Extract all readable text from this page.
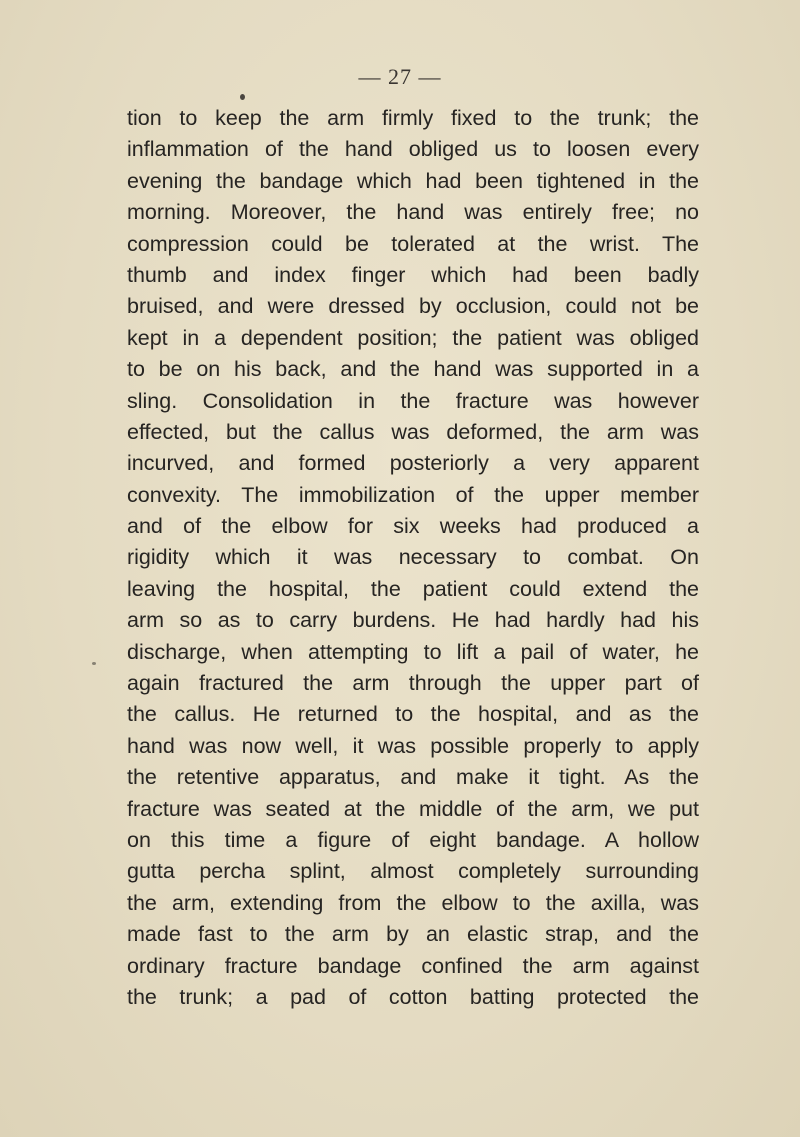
— 27 —
tion to keep the arm firmly fixed to the trunk; the
inflammation of the hand obliged us to loosen every
evening the bandage which had been tightened in the
morning. Moreover, the hand was entirely free; no
compression could be tolerated at the wrist. The
thumb and index finger which had been badly
bruised, and were dressed by occlusion, could not be
kept in a dependent position; the patient was obliged
to be on his back, and the hand was supported in a
sling. Consolidation in the fracture was however
effected, but the callus was deformed, the arm was
incurved, and formed posteriorly a very apparent
convexity. The immobilization of the upper member
and of the elbow for six weeks had produced a
rigidity which it was necessary to combat. On
leaving the hospital, the patient could extend the
arm so as to carry burdens. He had hardly had his
discharge, when attempting to lift a pail of water, he
again fractured the arm through the upper part of
the callus. He returned to the hospital, and as the
hand was now well, it was possible properly to apply
the retentive apparatus, and make it tight. As the
fracture was seated at the middle of the arm, we put
on this time a figure of eight bandage. A hollow
gutta percha splint, almost completely surrounding
the arm, extending from the elbow to the axilla, was
made fast to the arm by an elastic strap, and the
ordinary fracture bandage confined the arm against
the trunk; a pad of cotton batting protected the
